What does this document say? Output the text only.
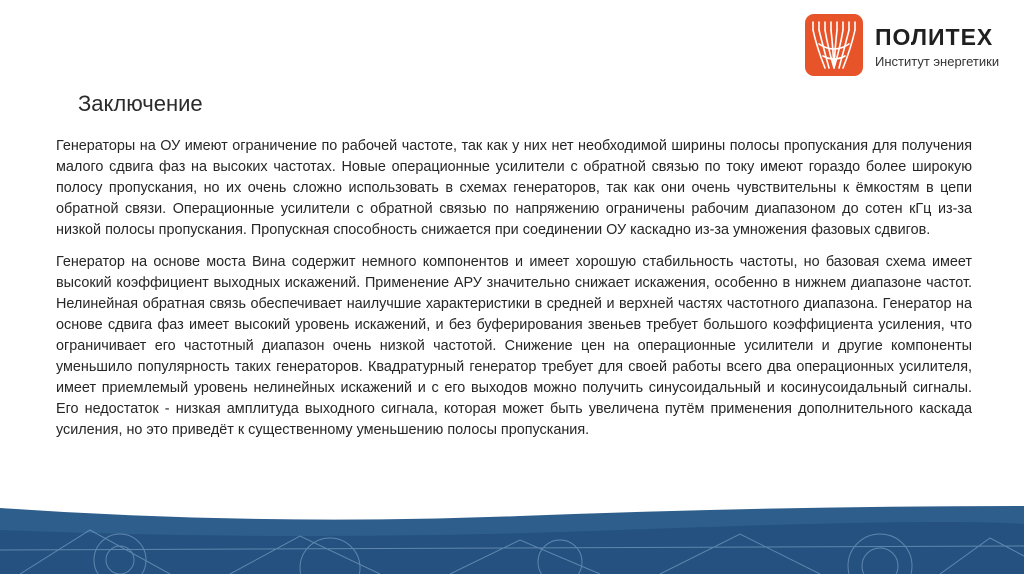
ПОЛИТЕХ
Институт энергетики
Заключение

Генераторы на ОУ имеют ограничение по рабочей частоте, так как у них нет необходимой ширины полосы пропускания для получения малого сдвига фаз на высоких частотах. Новые операционные усилители с обратной связью по току имеют гораздо более широкую полосу пропускания, но их очень сложно использовать в схемах генераторов, так как они очень чувствительны к ёмкостям в цепи обратной связи. Операционные усилители с обратной связью по напряжению ограничены рабочим диапазоном до сотен кГц из-за низкой полосы пропускания. Пропускная способность снижается при соединении ОУ каскадно из-за умножения фазовых сдвигов.

Генератор на основе моста Вина содержит немного компонентов и имеет хорошую стабильность частоты, но базовая схема имеет высокий коэффициент выходных искажений. Применение АРУ значительно снижает искажения, особенно в нижнем диапазоне частот. Нелинейная обратная связь обеспечивает наилучшие характеристики в средней и верхней частях частотного диапазона. Генератор на основе сдвига фаз имеет высокий уровень искажений, и без буферирования звеньев требует большого коэффициента усиления, что ограничивает его частотный диапазон очень низкой частотой. Снижение цен на операционные усилители и другие компоненты уменьшило популярность таких генераторов. Квадратурный генератор требует для своей работы всего два операционных усилителя, имеет приемлемый уровень нелинейных искажений и с его выходов можно получить синусоидальный и косинусоидальный сигналы. Его недостаток - низкая амплитуда выходного сигнала, которая может быть увеличена путём применения дополнительного каскада усиления, но это приведёт к существенному уменьшению полосы пропускания.
